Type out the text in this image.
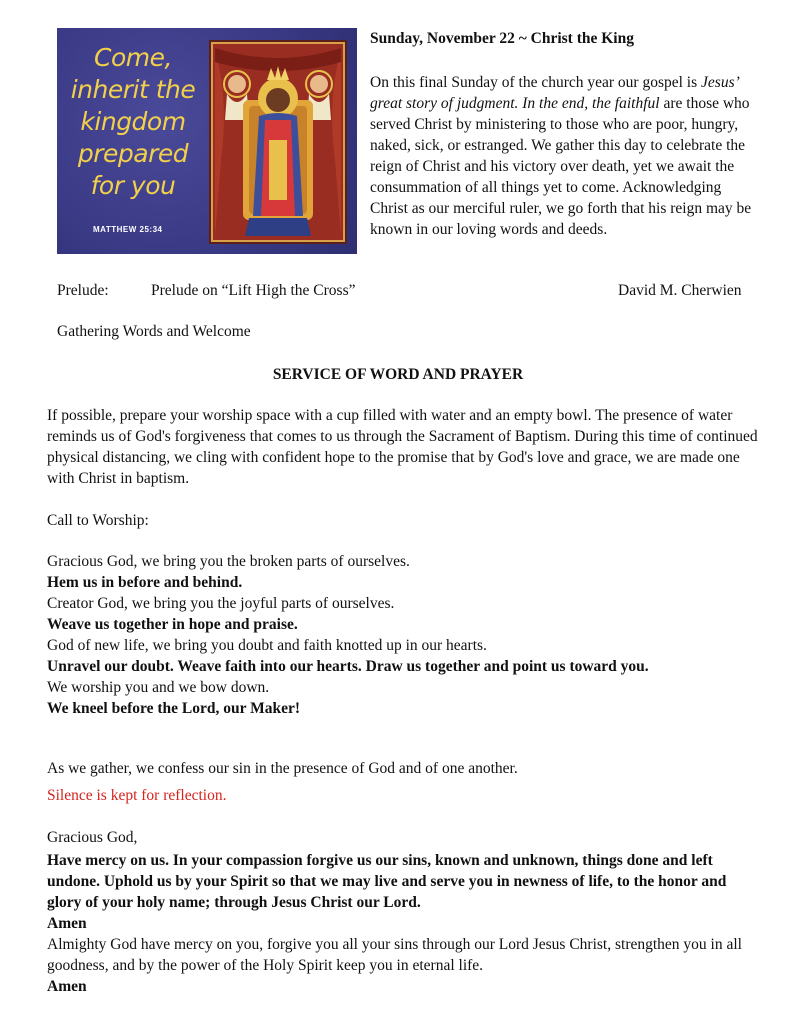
Come,
inherit the
kingdom
prepared
for you
MATTHEW 25:34
Sunday, November 22 ~ Christ the King
On this final Sunday of the church year our gospel is Jesus’ great story of judgment. In the end, the faithful are those who served Christ by ministering to those who are poor, hungry, naked, sick, or estranged. We gather this day to celebrate the reign of Christ and his victory over death, yet we await the consummation of all things yet to come. Acknowledging Christ as our merciful ruler, we go forth that his reign may be known in our loving words and deeds.
Prelude:	Prelude on “Lift High the Cross”	David M. Cherwien
Gathering Words and Welcome
SERVICE OF WORD AND PRAYER
If possible, prepare your worship space with a cup filled with water and an empty bowl. The presence of water reminds us of God's forgiveness that comes to us through the Sacrament of Baptism. During this time of continued physical distancing, we cling with confident hope to the promise that by God's love and grace, we are made one with Christ in baptism.
Call to Worship:
Gracious God, we bring you the broken parts of ourselves.
Hem us in before and behind.
Creator God, we bring you the joyful parts of ourselves.
Weave us together in hope and praise.
God of new life, we bring you doubt and faith knotted up in our hearts.
Unravel our doubt. Weave faith into our hearts. Draw us together and point us toward you.
We worship you and we bow down.
We kneel before the Lord, our Maker!
As we gather, we confess our sin in the presence of God and of one another.
Silence is kept for reflection.
Gracious God,
Have mercy on us. In your compassion forgive us our sins, known and unknown, things done and left undone. Uphold us by your Spirit so that we may live and serve you in newness of life, to the honor and glory of your holy name; through Jesus Christ our Lord.
Amen
Almighty God have mercy on you, forgive you all your sins through our Lord Jesus Christ, strengthen you in all goodness, and by the power of the Holy Spirit keep you in eternal life.
Amen
